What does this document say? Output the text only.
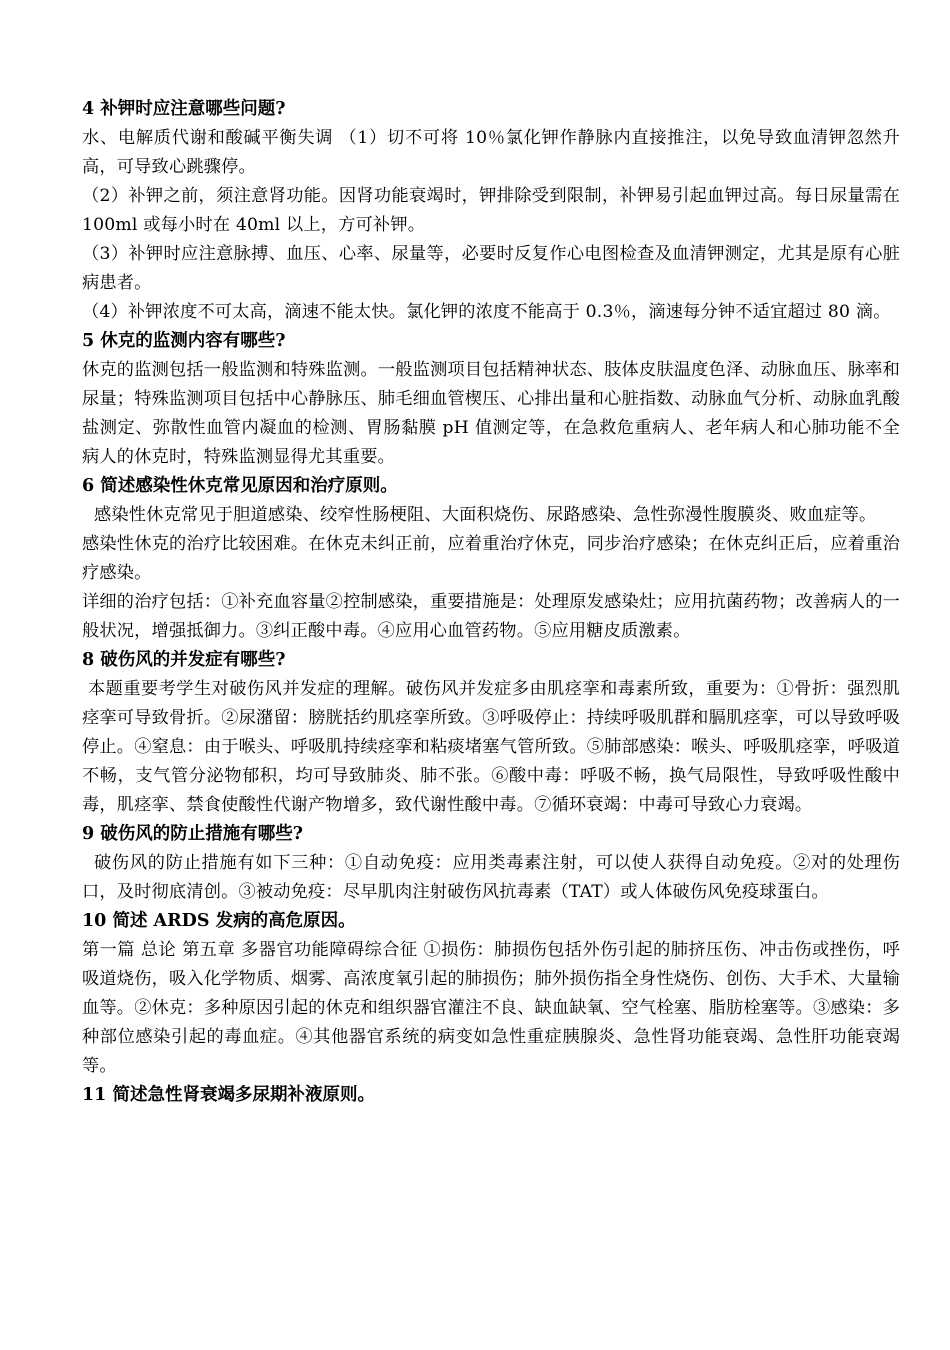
4 补钾时应注意哪些问题?

水、电解质代谢和酸碱平衡失调 （1）切不可将 10％氯化钾作静脉内直接推注，以免导致血清钾忽然升高，可导致心跳骤停。

（2）补钾之前，须注意肾功能。因肾功能衰竭时，钾排除受到限制，补钾易引起血钾过高。每日尿量需在 100ml 或每小时在 40ml 以上，方可补钾。

（3）补钾时应注意脉搏、血压、心率、尿量等，必要时反复作心电图检查及血清钾测定，尤其是原有心脏病患者。

（4）补钾浓度不可太高，滴速不能太快。氯化钾的浓度不能高于 0.3％，滴速每分钟不适宜超过 80 滴。

5 休克的监测内容有哪些?

休克的监测包括一般监测和特殊监测。一般监测项目包括精神状态、肢体皮肤温度色泽、动脉血压、脉率和尿量；特殊监测项目包括中心静脉压、肺毛细血管楔压、心排出量和心脏指数、动脉血气分析、动脉血乳酸盐测定、弥散性血管内凝血的检测、胃肠黏膜 pH 值测定等，在急救危重病人、老年病人和心肺功能不全病人的休克时，特殊监测显得尤其重要。

6 简述感染性休克常见原因和治疗原则。

感染性休克常见于胆道感染、绞窄性肠梗阻、大面积烧伤、尿路感染、急性弥漫性腹膜炎、败血症等。

感染性休克的治疗比较困难。在休克未纠正前，应着重治疗休克，同步治疗感染；在休克纠正后，应着重治疗感染。

详细的治疗包括：①补充血容量②控制感染，重要措施是：处理原发感染灶；应用抗菌药物；改善病人的一般状况，增强抵御力。③纠正酸中毒。④应用心血管药物。⑤应用糖皮质激素。

8 破伤风的并发症有哪些?

本题重要考学生对破伤风并发症的理解。破伤风并发症多由肌痉挛和毒素所致，重要为：①骨折：强烈肌痉挛可导致骨折。②尿潴留：膀胱括约肌痉挛所致。③呼吸停止：持续呼吸肌群和膈肌痉挛，可以导致呼吸停止。④窒息：由于喉头、呼吸肌持续痉挛和粘痰堵塞气管所致。⑤肺部感染：喉头、呼吸肌痉挛，呼吸道不畅，支气管分泌物郁积，均可导致肺炎、肺不张。⑥酸中毒：呼吸不畅，换气局限性，导致呼吸性酸中毒，肌痉挛、禁食使酸性代谢产物增多，致代谢性酸中毒。⑦循环衰竭：中毒可导致心力衰竭。

9 破伤风的防止措施有哪些?

破伤风的防止措施有如下三种：①自动免疫：应用类毒素注射，可以使人获得自动免疫。②对的处理伤口，及时彻底清创。③被动免疫：尽早肌肉注射破伤风抗毒素（TAT）或人体破伤风免疫球蛋白。

10 简述 ARDS 发病的高危原因。

第一篇 总论 第五章 多器官功能障碍综合征 ①损伤：肺损伤包括外伤引起的肺挤压伤、冲击伤或挫伤，呼吸道烧伤，吸入化学物质、烟雾、高浓度氧引起的肺损伤；肺外损伤指全身性烧伤、创伤、大手术、大量输血等。②休克：多种原因引起的休克和组织器官灌注不良、缺血缺氧、空气栓塞、脂肪栓塞等。③感染：多种部位感染引起的毒血症。④其他器官系统的病变如急性重症胰腺炎、急性肾功能衰竭、急性肝功能衰竭等。

11 简述急性肾衰竭多尿期补液原则。
